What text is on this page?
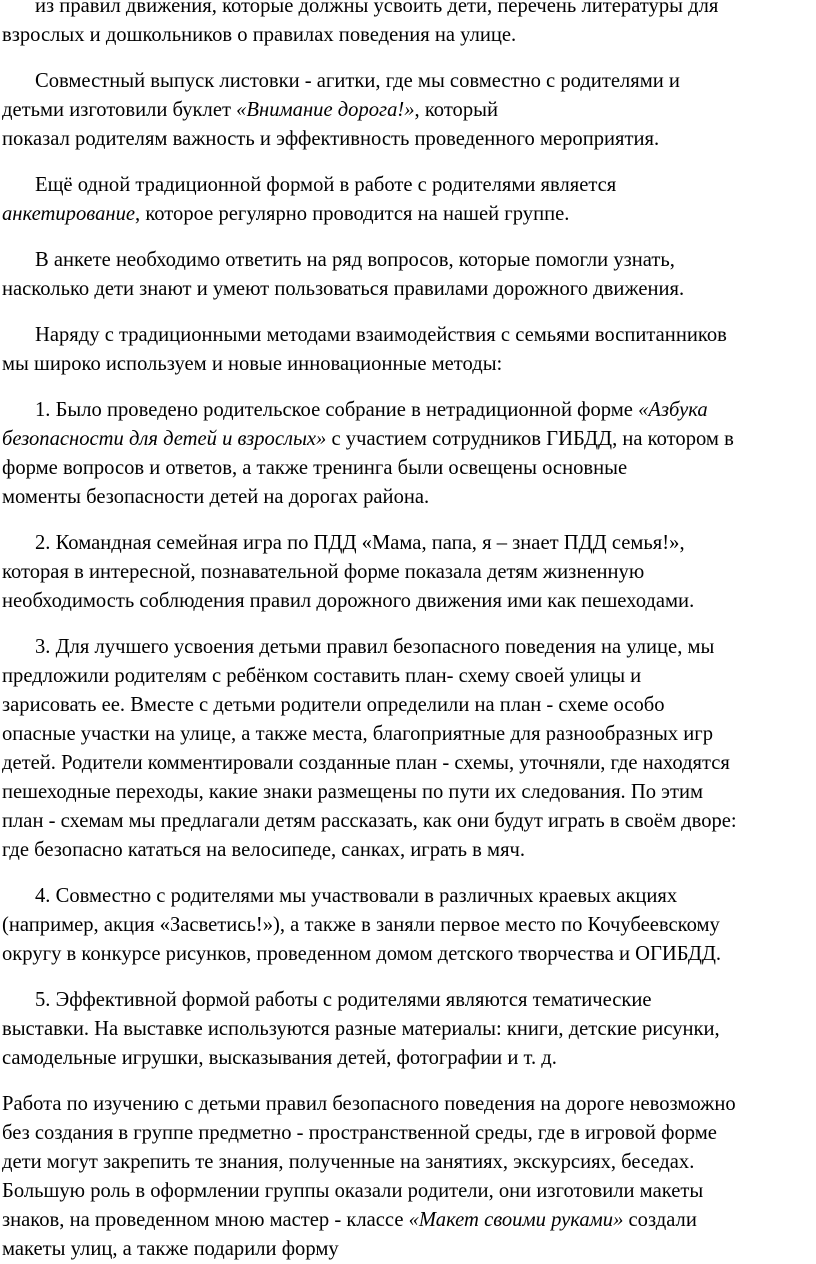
из правил движения, которые должны усвоить дети, перечень литературы для
взрослых и дошкольников о правилах поведения на улице.
Совместный выпуск листовки - агитки, где мы совместно с родителями и
детьми изготовили буклет «Внимание дорога!», который
показал родителям важность и эффективность проведенного мероприятия.
Ещё одной традиционной формой в работе с родителями является
анкетирование, которое регулярно проводится на нашей группе.
В анкете необходимо ответить на ряд вопросов, которые помогли узнать,
насколько дети знают и умеют пользоваться правилами дорожного движения.
Наряду с традиционными методами взаимодействия с семьями воспитанников
мы широко используем и новые инновационные методы:
1. Было проведено родительское собрание в нетрадиционной форме «Азбука
безопасности для детей и взрослых» с участием сотрудников ГИБДД, на котором в
форме вопросов и ответов, а также тренинга были освещены основные
моменты безопасности детей на дорогах района.
2. Командная семейная игра по ПДД «Мама, папа, я – знает ПДД семья!»,
которая в интересной, познавательной форме показала детям жизненную
необходимость соблюдения правил дорожного движения ими как пешеходами.
3. Для лучшего усвоения детьми правил безопасного поведения на улице, мы
предложили родителям с ребёнком составить план- схему своей улицы и
зарисовать ее. Вместе с детьми родители определили на план - схеме особо
опасные участки на улице, а также места, благоприятные для разнообразных игр
детей. Родители комментировали созданные план - схемы, уточняли, где находятся
пешеходные переходы, какие знаки размещены по пути их следования. По этим
план - схемам мы предлагали детям рассказать, как они будут играть в своём дворе:
где безопасно кататься на велосипеде, санках, играть в мяч.
4. Совместно с родителями мы участвовали в различных краевых акциях
(например, акция «Засветись!»), а также в заняли первое место по Кочубеевскому
округу в конкурсе рисунков, проведенном домом детского творчества и ОГИБДД.
5. Эффективной формой работы с родителями являются тематические
выставки. На выставке используются разные материалы: книги, детские рисунки,
самодельные игрушки, высказывания детей, фотографии и т. д.
Работа по изучению с детьми правил безопасного поведения на дороге невозможно
без создания в группе предметно - пространственной среды, где в игровой форме
дети могут закрепить те знания, полученные на занятиях, экскурсиях, беседах.
Большую роль в оформлении группы оказали родители, они изготовили макеты
знаков, на проведенном мною мастер - классе «Макет своими руками» создали
макеты улиц, а также подарили форму
